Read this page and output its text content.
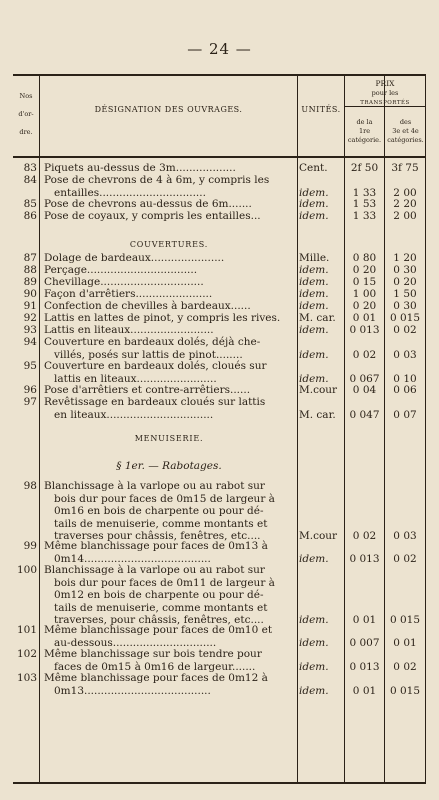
— 24 —
Nos

d'or-

dre.
DÉSIGNATION DES OUVRAGES.	UNITÉS.
PRIX
pour les
TRANSPORTÉS
de la
1re
catégorie.
des
3e et 4e
catégories.
COUVERTURES.
MENUISERIE.
§ 1er. — Rabotages.
83 Piquets au-dessus de 3m..................	Cent.	2f 50	3f 75
84 Pose de chevrons de 4 à 6m, y compris les
entailles................................	idem.	1 33	2 00
85 Pose de chevrons au-dessus de 6m.......	idem.	1 53	2 20
86 Pose de coyaux, y compris les entailles...	idem.	1 33	2 00
87 Dolage de bardeaux......................	Mille.	0 80	1 20
88 Perçage.................................	idem.	0 20	0 30
89 Chevillage...............................	idem.	0 15	0 20
90 Façon d'arrêtiers.......................	idem.	1 00	1 50
91 Confection de chevilles à bardeaux......	idem.	0 20	0 30
92 Lattis en lattes de pinot, y compris les rives.	M. car.	0 01	0 015
93 Lattis en liteaux.........................	idem.	0 013	0 02
94 Couverture en bardeaux dolés, déjà che-
villés, posés sur lattis de pinot........	idem.	0 02	0 03
95 Couverture en bardeaux dolés, cloués sur
lattis en liteaux........................	idem.	0 067	0 10
96 Pose d'arrêtiers et contre-arrêtiers......	M.cour	0 04	0 06
97 Revêtissage en bardeaux cloués sur lattis
en liteaux................................	M. car.	0 047	0 07
98 Blanchissage à la varlope ou au rabot sur
bois dur pour faces de 0m15 de largeur à
0m16 en bois de charpente ou pour dé-
tails de menuiserie, comme montants et
traverses pour châssis, fenêtres, etc....	M.cour	0 02	0 03
99 Même blanchissage pour faces de 0m13 à
0m14......................................	idem.	0 013	0 02
100 Blanchissage à la varlope ou au rabot sur
bois dur pour faces de 0m11 de largeur à
0m12 en bois de charpente ou pour dé-
tails de menuiserie, comme montants et
traverses, pour châssis, fenêtres, etc....	idem.	0 01	0 015
101 Même blanchissage pour faces de 0m10 et
au-dessous...............................	idem.	0 007	0 01
102 Même blanchissage sur bois tendre pour
faces de 0m15 à 0m16 de largeur.......	idem.	0 013	0 02
103 Même blanchissage pour faces de 0m12 à
0m13......................................	idem.	0 01	0 015
